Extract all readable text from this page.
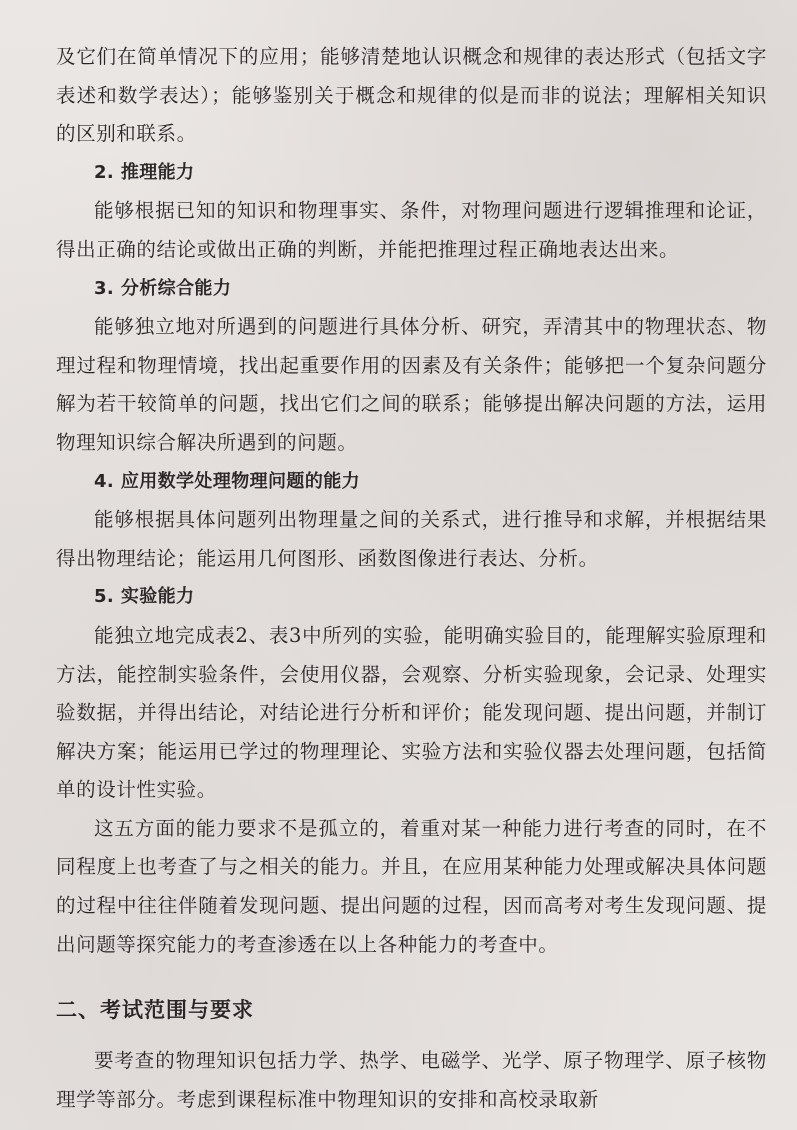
及它们在简单情况下的应用；能够清楚地认识概念和规律的表达形式（包括文字表述和数学表达）；能够鉴别关于概念和规律的似是而非的说法；理解相关知识的区别和联系。

2. 推理能力

能够根据已知的知识和物理事实、条件，对物理问题进行逻辑推理和论证，得出正确的结论或做出正确的判断，并能把推理过程正确地表达出来。

3. 分析综合能力

能够独立地对所遇到的问题进行具体分析、研究，弄清其中的物理状态、物理过程和物理情境，找出起重要作用的因素及有关条件；能够把一个复杂问题分解为若干较简单的问题，找出它们之间的联系；能够提出解决问题的方法，运用物理知识综合解决所遇到的问题。

4. 应用数学处理物理问题的能力

能够根据具体问题列出物理量之间的关系式，进行推导和求解，并根据结果得出物理结论；能运用几何图形、函数图像进行表达、分析。

5. 实验能力

能独立地完成表2、表3中所列的实验，能明确实验目的，能理解实验原理和方法，能控制实验条件，会使用仪器，会观察、分析实验现象，会记录、处理实验数据，并得出结论，对结论进行分析和评价；能发现问题、提出问题，并制订解决方案；能运用已学过的物理理论、实验方法和实验仪器去处理问题，包括简单的设计性实验。

这五方面的能力要求不是孤立的，着重对某一种能力进行考查的同时，在不同程度上也考查了与之相关的能力。并且，在应用某种能力处理或解决具体问题的过程中往往伴随着发现问题、提出问题的过程，因而高考对考生发现问题、提出问题等探究能力的考查渗透在以上各种能力的考查中。

二、考试范围与要求

要考查的物理知识包括力学、热学、电磁学、光学、原子物理学、原子核物理学等部分。考虑到课程标准中物理知识的安排和高校录取新
